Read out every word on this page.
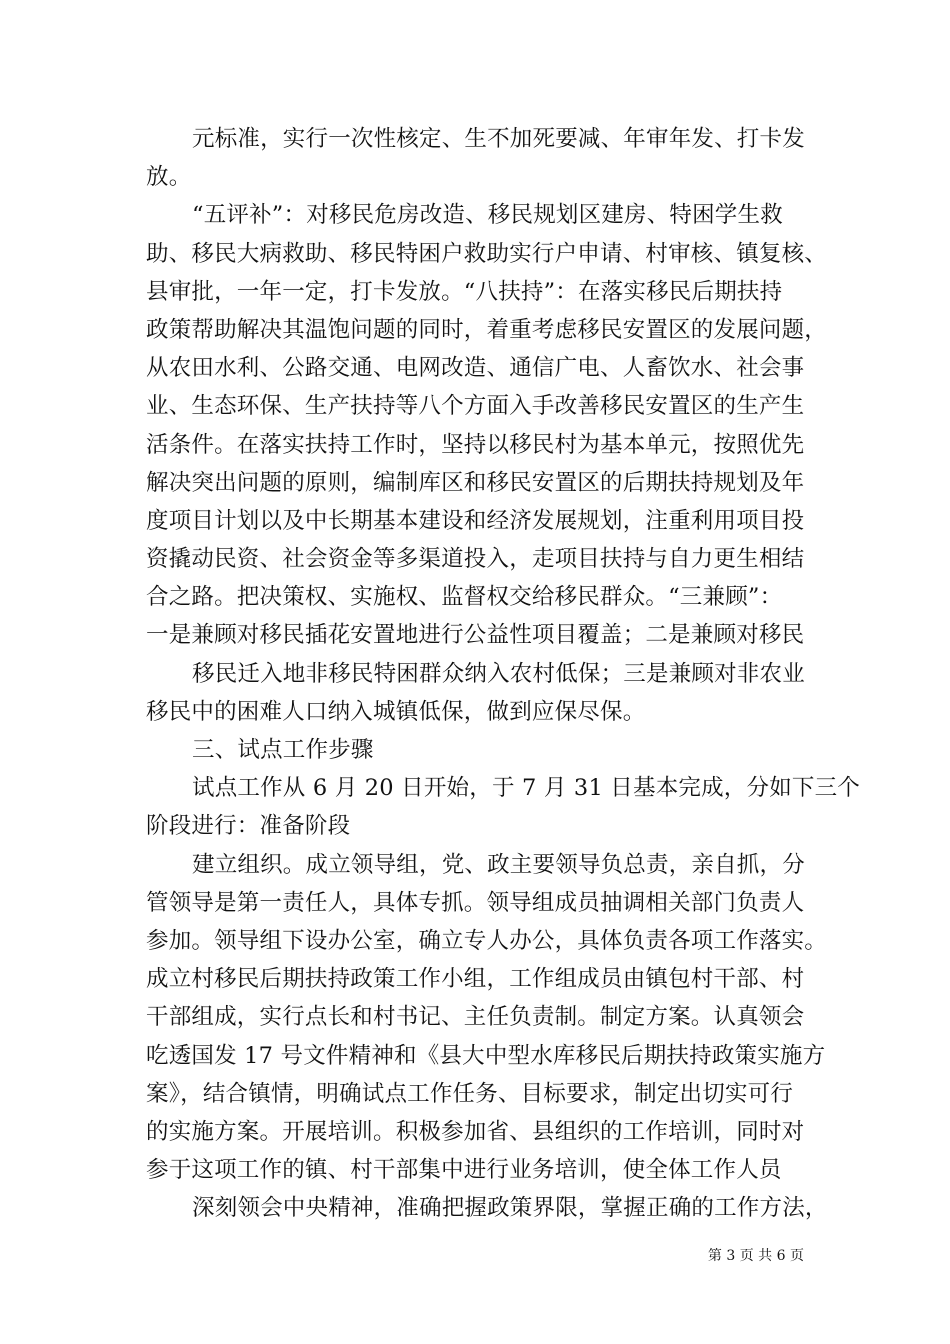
元标准，实行一次性核定、生不加死要减、年审年发、打卡发
放。
“五评补”：对移民危房改造、移民规划区建房、特困学生救
助、移民大病救助、移民特困户救助实行户申请、村审核、镇复核、
县审批，一年一定，打卡发放。“八扶持”：在落实移民后期扶持
政策帮助解决其温饱问题的同时，着重考虑移民安置区的发展问题，
从农田水利、公路交通、电网改造、通信广电、人畜饮水、社会事
业、生态环保、生产扶持等八个方面入手改善移民安置区的生产生
活条件。在落实扶持工作时，坚持以移民村为基本单元，按照优先
解决突出问题的原则，编制库区和移民安置区的后期扶持规划及年
度项目计划以及中长期基本建设和经济发展规划，注重利用项目投
资撬动民资、社会资金等多渠道投入，走项目扶持与自力更生相结
合之路。把决策权、实施权、监督权交给移民群众。“三兼顾”：
一是兼顾对移民插花安置地进行公益性项目覆盖；二是兼顾对移民
移民迁入地非移民特困群众纳入农村低保；三是兼顾对非农业
移民中的困难人口纳入城镇低保，做到应保尽保。
三、试点工作步骤
试点工作从 6 月 20 日开始，于 7 月 31 日基本完成，分如下三个
阶段进行：准备阶段
建立组织。成立领导组，党、政主要领导负总责，亲自抓，分
管领导是第一责任人，具体专抓。领导组成员抽调相关部门负责人
参加。领导组下设办公室，确立专人办公，具体负责各项工作落实。
成立村移民后期扶持政策工作小组，工作组成员由镇包村干部、村
干部组成，实行点长和村书记、主任负责制。制定方案。认真领会
吃透国发 17 号文件精神和《县大中型水库移民后期扶持政策实施方
案》，结合镇情，明确试点工作任务、目标要求，制定出切实可行
的实施方案。开展培训。积极参加省、县组织的工作培训，同时对
参于这项工作的镇、村干部集中进行业务培训，使全体工作人员
深刻领会中央精神，准确把握政策界限，掌握正确的工作方法，
第 3 页 共 6 页
